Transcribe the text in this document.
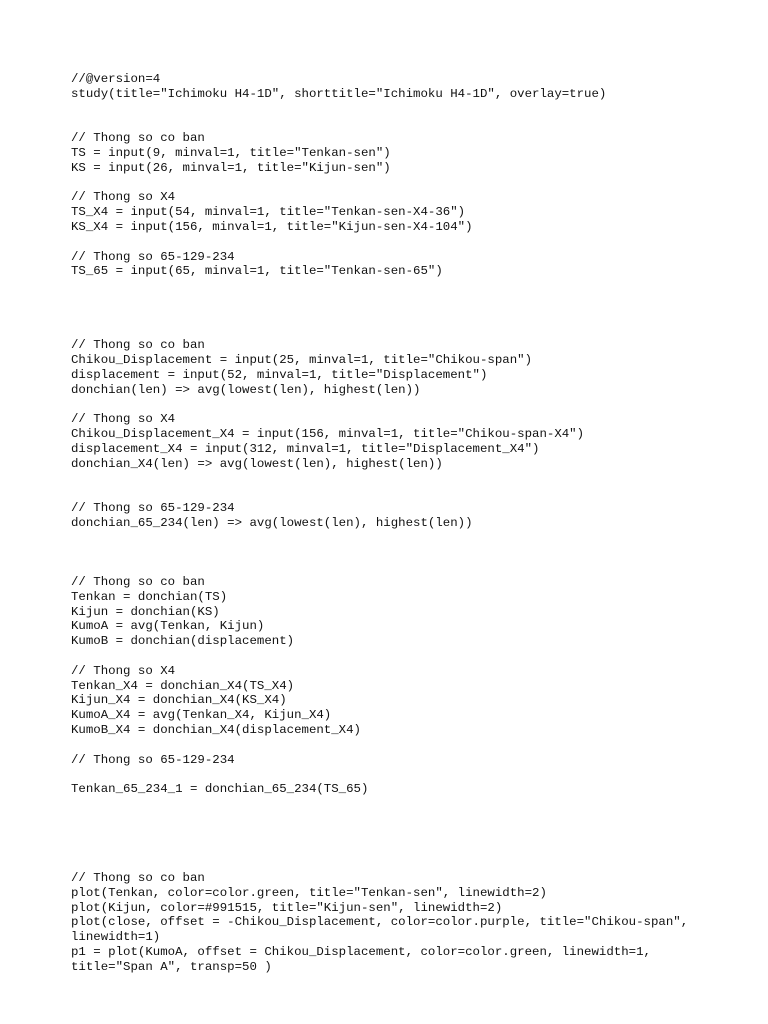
//@version=4
study(title="Ichimoku H4-1D", shorttitle="Ichimoku H4-1D", overlay=true)
// Thong so co ban
TS = input(9, minval=1, title="Tenkan-sen")
KS = input(26, minval=1, title="Kijun-sen")
// Thong so X4
TS_X4 = input(54, minval=1, title="Tenkan-sen-X4-36")
KS_X4 = input(156, minval=1, title="Kijun-sen-X4-104")
// Thong so 65-129-234
TS_65 = input(65, minval=1, title="Tenkan-sen-65")
// Thong so co ban
Chikou_Displacement = input(25, minval=1, title="Chikou-span")
displacement = input(52, minval=1, title="Displacement")
donchian(len) => avg(lowest(len), highest(len))
// Thong so X4
Chikou_Displacement_X4 = input(156, minval=1, title="Chikou-span-X4")
displacement_X4 = input(312, minval=1, title="Displacement_X4")
donchian_X4(len) => avg(lowest(len), highest(len))
// Thong so 65-129-234
donchian_65_234(len) => avg(lowest(len), highest(len))
// Thong so co ban
Tenkan = donchian(TS)
Kijun = donchian(KS)
KumoA = avg(Tenkan, Kijun)
KumoB = donchian(displacement)
// Thong so X4
Tenkan_X4 = donchian_X4(TS_X4)
Kijun_X4 = donchian_X4(KS_X4)
KumoA_X4 = avg(Tenkan_X4, Kijun_X4)
KumoB_X4 = donchian_X4(displacement_X4)
// Thong so 65-129-234
Tenkan_65_234_1 = donchian_65_234(TS_65)
// Thong so co ban
plot(Tenkan, color=color.green, title="Tenkan-sen", linewidth=2)
plot(Kijun, color=#991515, title="Kijun-sen", linewidth=2)
plot(close, offset = -Chikou_Displacement, color=color.purple, title="Chikou-span",
linewidth=1)
p1 = plot(KumoA, offset = Chikou_Displacement, color=color.green, linewidth=1,
title="Span A", transp=50 )
